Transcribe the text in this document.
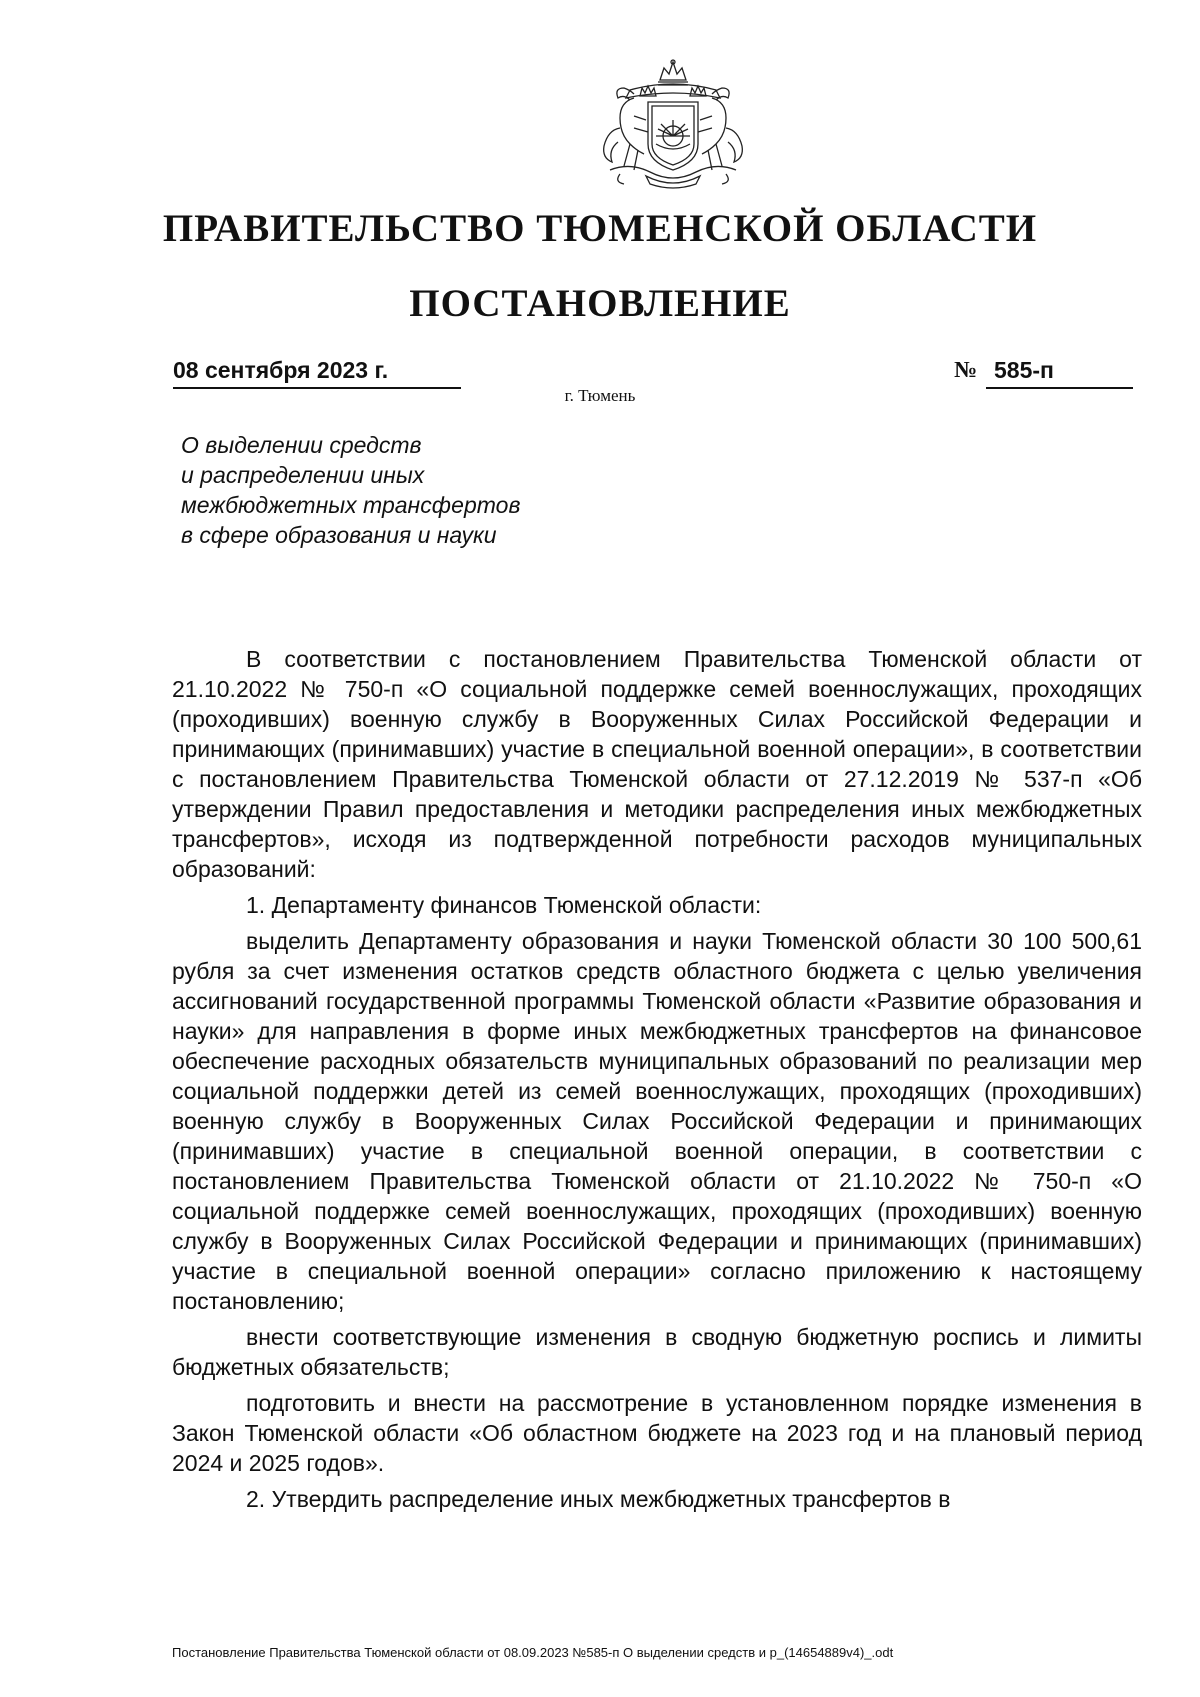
ПРАВИТЕЛЬСТВО ТЮМЕНСКОЙ ОБЛАСТИ
ПОСТАНОВЛЕНИЕ
08 сентября 2023 г.	№ 585-п
г. Тюмень
О выделении средств
и распределении иных
межбюджетных трансфертов
в сфере образования и науки

В соответствии с постановлением Правительства Тюменской области от 21.10.2022 № 750-п «О социальной поддержке семей военнослужащих, проходящих (проходивших) военную службу в Вооруженных Силах Российской Федерации и принимающих (принимавших) участие в специальной военной операции», в соответствии с постановлением Правительства Тюменской области от 27.12.2019 № 537-п «Об утверждении Правил предоставления и методики распределения иных межбюджетных трансфертов», исходя из подтвержденной потребности расходов муниципальных образований:

1. Департаменту финансов Тюменской области:

выделить Департаменту образования и науки Тюменской области 30 100 500,61 рубля за счет изменения остатков средств областного бюджета с целью увеличения ассигнований государственной программы Тюменской области «Развитие образования и науки» для направления в форме иных межбюджетных трансфертов на финансовое обеспечение расходных обязательств муниципальных образований по реализации мер социальной поддержки детей из семей военнослужащих, проходящих (проходивших) военную службу в Вооруженных Силах Российской Федерации и принимающих (принимавших) участие в специальной военной операции, в соответствии с постановлением Правительства Тюменской области от 21.10.2022 № 750-п «О социальной поддержке семей военнослужащих, проходящих (проходивших) военную службу в Вооруженных Силах Российской Федерации и принимающих (принимавших) участие в специальной военной операции» согласно приложению к настоящему постановлению;

внести соответствующие изменения в сводную бюджетную роспись и лимиты бюджетных обязательств;

подготовить и внести на рассмотрение в установленном порядке изменения в Закон Тюменской области «Об областном бюджете на 2023 год и на плановый период 2024 и 2025 годов».

2. Утвердить распределение иных межбюджетных трансфертов в

Постановление Правительства Тюменской области от 08.09.2023 №585-п О выделении средств и р_(14654889v4)_.odt
